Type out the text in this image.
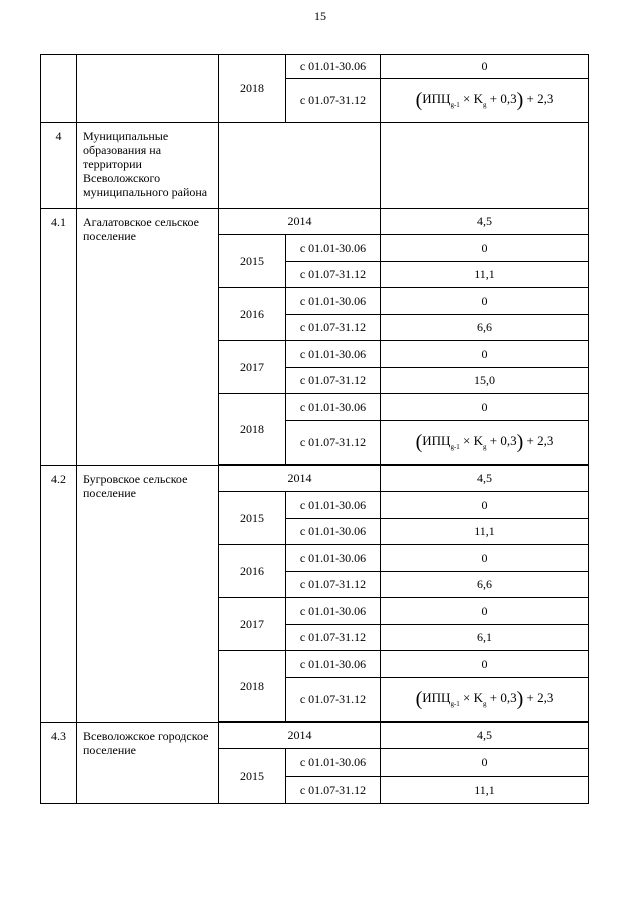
15
		2018	с 01.01-30.06	0
			с 01.07-31.12	$(ИПЦ_{g-1} \times K_g + 0,3) + 2,3$
4	Муниципальные образования на территории Всеволожского муниципального района			
4.1	Агалатовское сельское поселение	2014		4,5
		2015	с 01.01-30.06	0
			с 01.07-31.12	11,1
		2016	с 01.01-30.06	0
			с 01.07-31.12	6,6
		2017	с 01.01-30.06	0
			с 01.07-31.12	15,0
		2018	с 01.01-30.06	0
			с 01.07-31.12	$(ИПЦ_{g-1} \times K_g + 0,3) + 2,3$

4.2	Бугровское сельское поселение	2014		4,5
		2015	с 01.01-30.06	0
			с 01.01-30.06	11,1
		2016	с 01.01-30.06	0
			с 01.07-31.12	6,6
		2017	с 01.01-30.06	0
			с 01.07-31.12	6,1
		2018	с 01.01-30.06	0
			с 01.07-31.12	$(ИПЦ_{g-1} \times K_g + 0,3) + 2,3$

4.3	Всеволожское городское поселение	2014		4,5
		2015	с 01.01-30.06	0
			с 01.07-31.12	11,1
